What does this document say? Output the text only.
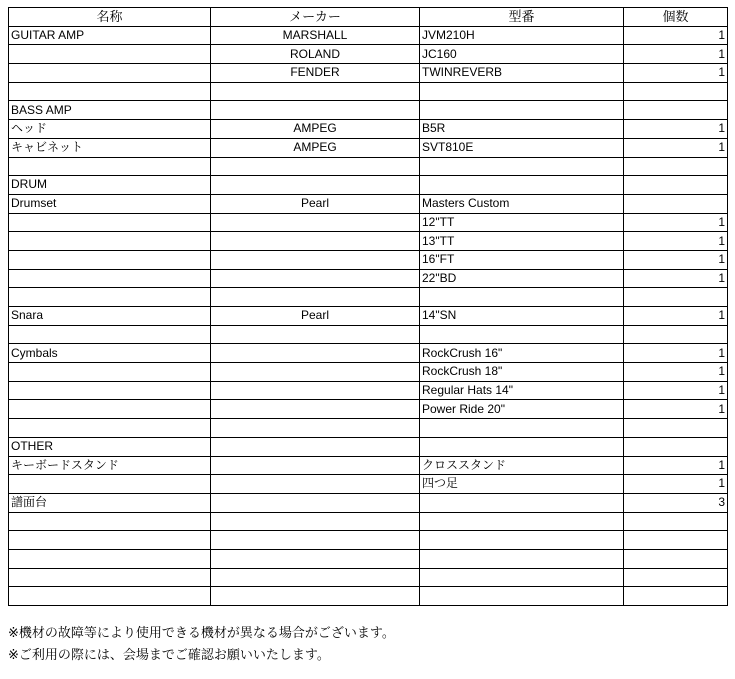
名称	メーカー	型番	個数
GUITAR AMP	MARSHALL	JVM210H	1
	ROLAND	JC160	1
	FENDER	TWINREVERB	1

BASS AMP			
ヘッド	AMPEG	B5R	1
キャビネット	AMPEG	SVT810E	1

DRUM			
Drumset	Pearl	Masters Custom	
		12"TT	1
		13"TT	1
		16"FT	1
		22"BD	1

Snara	Pearl	14"SN	1

Cymbals		RockCrush 16"	1
		RockCrush 18"	1
		Regular Hats 14"	1
		Power Ride 20"	1

OTHER			
キーボードスタンド		クロススタンド	1
		四つ足	1
譜面台			3

※機材の故障等により使用できる機材が異なる場合がございます。
※ご利用の際には、会場までご確認お願いいたします。
